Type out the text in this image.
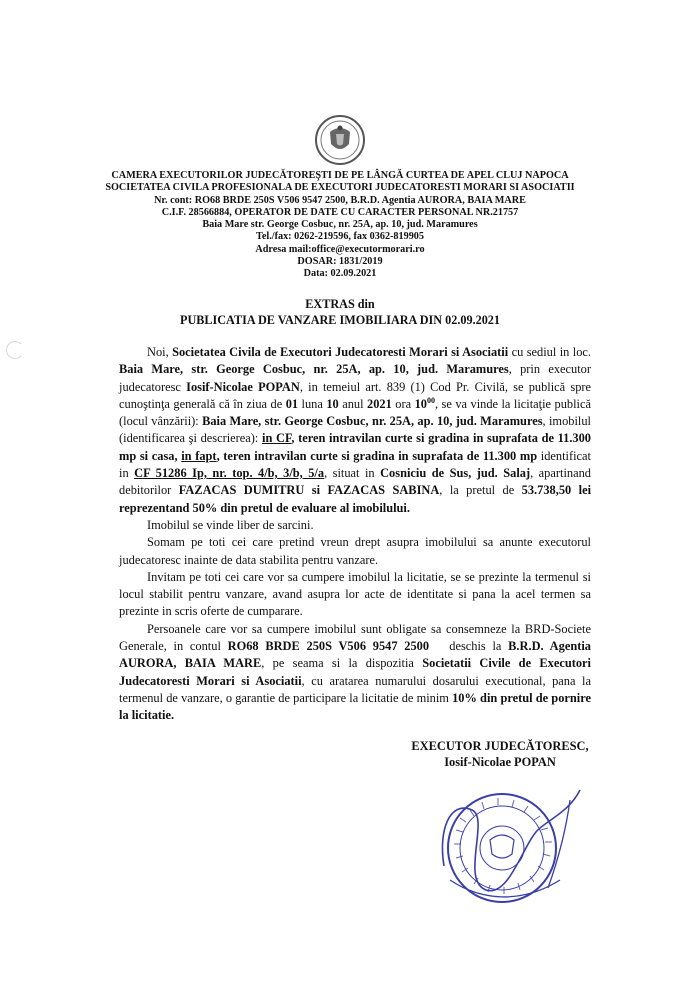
CAMERA EXECUTORILOR JUDECĂTOREŞTI DE PE LÂNGĂ CURTEA DE APEL CLUJ NAPOCA
SOCIETATEA CIVILA PROFESIONALA DE EXECUTORI JUDECATORESTI MORARI SI ASOCIATII
Nr. cont: RO68 BRDE 250S V506 9547 2500, B.R.D. Agentia AURORA, BAIA MARE
C.I.F. 28566884, OPERATOR DE DATE CU CARACTER PERSONAL NR.21757
Baia Mare str. George Cosbuc, nr. 25A, ap. 10, jud. Maramures
Tel./fax: 0262-219596, fax 0362-819905
Adresa mail:office@executormorari.ro
DOSAR: 1831/2019
Data: 02.09.2021
EXTRAS din
PUBLICATIA DE VANZARE IMOBILIARA DIN 02.09.2021

Noi, Societatea Civila de Executori Judecatoresti Morari si Asociatii cu sediul in loc. Baia Mare, str. George Cosbuc, nr. 25A, ap. 10, jud. Maramures, prin executor judecatoresc Iosif-Nicolae POPAN, in temeiul art. 839 (1) Cod Pr. Civilă, se publică spre cunoştinţa generală că în ziua de 01 luna 10 anul 2021 ora $10^{00}$, se va vinde la licitaţie publică (locul vânzării): Baia Mare, str. George Cosbuc, nr. 25A, ap. 10, jud. Maramures, imobilul (identificarea şi descrierea): in CF, teren intravilan curte si gradina in suprafata de 11.300 mp si casa, in fapt, teren intravilan curte si gradina in suprafata de 11.300 mp identificat in CF 51286 Ip, nr. top. 4/b, 3/b, 5/a, situat in Cosniciu de Sus, jud. Salaj, apartinand debitorilor FAZACAS DUMITRU si FAZACAS SABINA, la pretul de 53.738,50 lei reprezentand 50% din pretul de evaluare al imobilului.

Imobilul se vinde liber de sarcini.

Somam pe toti cei care pretind vreun drept asupra imobilului sa anunte executorul judecatoresc inainte de data stabilita pentru vanzare.

Invitam pe toti cei care vor sa cumpere imobilul la licitatie, se se prezinte la termenul si locul stabilit pentru vanzare, avand asupra lor acte de identitate si pana la acel termen sa prezinte in scris oferte de cumparare.

Persoanele care vor sa cumpere imobilul sunt obligate sa consemneze la BRD-Societe Generale, in contul RO68 BRDE 250S V506 9547 2500   deschis la B.R.D. Agentia AURORA, BAIA MARE, pe seama si la dispozitia Societatii Civile de Executori Judecatoresti Morari si Asociatii, cu aratarea numarului dosarului executional, pana la termenul de vanzare, o garantie de participare la licitatie de minim 10% din pretul de pornire la licitatie.

EXECUTOR JUDECĂTORESC,
Iosif-Nicolae POPAN
